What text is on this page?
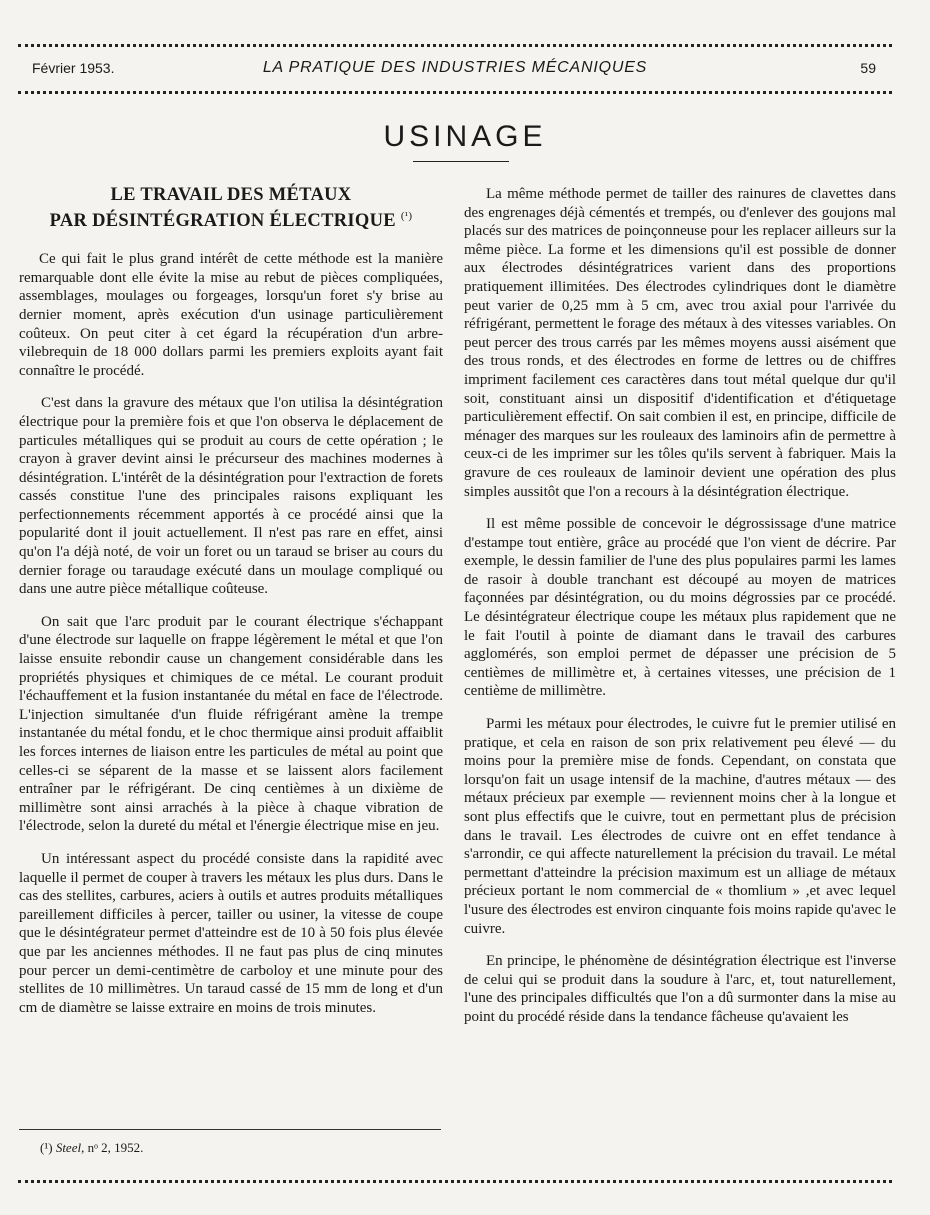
Février 1953.	LA PRATIQUE DES INDUSTRIES MÉCANIQUES	59
USINAGE
LE TRAVAIL DES MÉTAUX
PAR DÉSINTÉGRATION ÉLECTRIQUE $^{(^1)}$

Ce qui fait le plus grand intérêt de cette méthode est la manière remarquable dont elle évite la mise au rebut de pièces compliquées, assemblages, moulages ou forgeages, lorsqu'un foret s'y brise au dernier moment, après exécution d'un usinage particulièrement coûteux. On peut citer à cet égard la récupération d'un arbre-vilebrequin de 18 000 dollars parmi les premiers exploits ayant fait connaître le procédé.

C'est dans la gravure des métaux que l'on utilisa la désintégration électrique pour la première fois et que l'on observa le déplacement de particules métalliques qui se produit au cours de cette opération ; le crayon à graver devint ainsi le précurseur des machines modernes à désintégration. L'intérêt de la désintégration pour l'extraction de forets cassés constitue l'une des principales raisons expliquant les perfectionnements récemment apportés à ce procédé ainsi que la popularité dont il jouit actuellement. Il n'est pas rare en effet, ainsi qu'on l'a déjà noté, de voir un foret ou un taraud se briser au cours du dernier forage ou taraudage exécuté dans un moulage compliqué ou dans une autre pièce métallique coûteuse.

On sait que l'arc produit par le courant électrique s'échappant d'une électrode sur laquelle on frappe légèrement le métal et que l'on laisse ensuite rebondir cause un changement considérable dans les propriétés physiques et chimiques de ce métal. Le courant produit l'échauffement et la fusion instantanée du métal en face de l'électrode. L'injection simultanée d'un fluide réfrigérant amène la trempe instantanée du métal fondu, et le choc thermique ainsi produit affaiblit les forces internes de liaison entre les particules de métal au point que celles-ci se séparent de la masse et se laissent alors facilement entraîner par le réfrigérant. De cinq centièmes à un dixième de millimètre sont ainsi arrachés à la pièce à chaque vibration de l'électrode, selon la dureté du métal et l'énergie électrique mise en jeu.

Un intéressant aspect du procédé consiste dans la rapidité avec laquelle il permet de couper à travers les métaux les plus durs. Dans le cas des stellites, carbures, aciers à outils et autres produits métalliques pareillement difficiles à percer, tailler ou usiner, la vitesse de coupe que le désintégrateur permet d'atteindre est de 10 à 50 fois plus élevée que par les anciennes méthodes. Il ne faut pas plus de cinq minutes pour percer un demi-centimètre de carboloy et une minute pour des stellites de 10 millimètres. Un taraud cassé de 15 mm de long et d'un cm de diamètre se laisse extraire en moins de trois minutes.

La même méthode permet de tailler des rainures de clavettes dans des engrenages déjà cémentés et trempés, ou d'enlever des goujons mal placés sur des matrices de poinçonneuse pour les replacer ailleurs sur la même pièce. La forme et les dimensions qu'il est possible de donner aux électrodes désintégratrices varient dans des proportions pratiquement illimitées. Des électrodes cylindriques dont le diamètre peut varier de 0,25 mm à 5 cm, avec trou axial pour l'arrivée du réfrigérant, permettent le forage des métaux à des vitesses variables. On peut percer des trous carrés par les mêmes moyens aussi aisément que des trous ronds, et des électrodes en forme de lettres ou de chiffres impriment facilement ces caractères dans tout métal quelque dur qu'il soit, constituant ainsi un dispositif d'identification et d'étiquetage particulièrement effectif. On sait combien il est, en principe, difficile de ménager des marques sur les rouleaux des laminoirs afin de permettre à ceux-ci de les imprimer sur les tôles qu'ils servent à fabriquer. Mais la gravure de ces rouleaux de laminoir devient une opération des plus simples aussitôt que l'on a recours à la désintégration électrique.

Il est même possible de concevoir le dégrossissage d'une matrice d'estampe tout entière, grâce au procédé que l'on vient de décrire. Par exemple, le dessin familier de l'une des plus populaires parmi les lames de rasoir à double tranchant est découpé au moyen de matrices façonnées par désintégration, ou du moins dégrossies par ce procédé. Le désintégrateur électrique coupe les métaux plus rapidement que ne le fait l'outil à pointe de diamant dans le travail des carbures agglomérés, son emploi permet de dépasser une précision de 5 centièmes de millimètre et, à certaines vitesses, une précision de 1 centième de millimètre.

Parmi les métaux pour électrodes, le cuivre fut le premier utilisé en pratique, et cela en raison de son prix relativement peu élevé — du moins pour la première mise de fonds. Cependant, on constata que lorsqu'on fait un usage intensif de la machine, d'autres métaux — des métaux précieux par exemple — reviennent moins cher à la longue et sont plus effectifs que le cuivre, tout en permettant plus de précision dans le travail. Les électrodes de cuivre ont en effet tendance à s'arrondir, ce qui affecte naturellement la précision du travail. Le métal permettant d'atteindre la précision maximum est un alliage de métaux précieux portant le nom commercial de « thomlium » ,et avec lequel l'usure des électrodes est environ cinquante fois moins rapide qu'avec le cuivre.

En principe, le phénomène de désintégration électrique est l'inverse de celui qui se produit dans la soudure à l'arc, et, tout naturellement, l'une des principales difficultés que l'on a dû surmonter dans la mise au point du procédé réside dans la tendance fâcheuse qu'avaient les

(¹) Steel, nᵒ 2, 1952.
